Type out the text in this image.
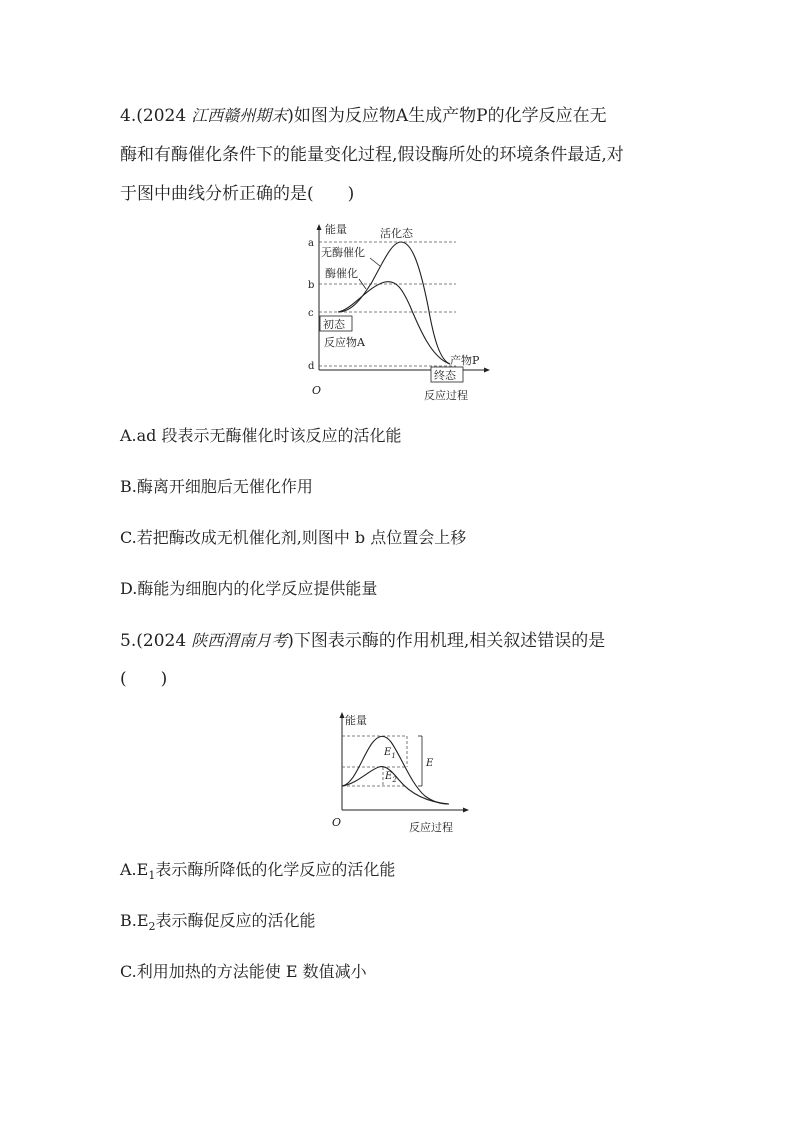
4.(2024 江西赣州期末)如图为反应物A生成产物P的化学反应在无
酶和有酶催化条件下的能量变化过程,假设酶所处的环境条件最适,对
于图中曲线分析正确的是(　　)
能量
a
b
c
d
O	反应过程
活化态
无酶催化
酶催化
初态
反应物A
产物P
终态
A.ad 段表示无酶催化时该反应的活化能
B.酶离开细胞后无催化作用
C.若把酶改成无机催化剂,则图中 b 点位置会上移
D.酶能为细胞内的化学反应提供能量
5.(2024 陕西渭南月考)下图表示酶的作用机理,相关叙述错误的是
(　　)
能量
O	反应过程
$E_1$
$E_2$
E
$A.E_1$表示酶所降低的化学反应的活化能
$B.E_2$表示酶促反应的活化能
C.利用加热的方法能使 E 数值减小
